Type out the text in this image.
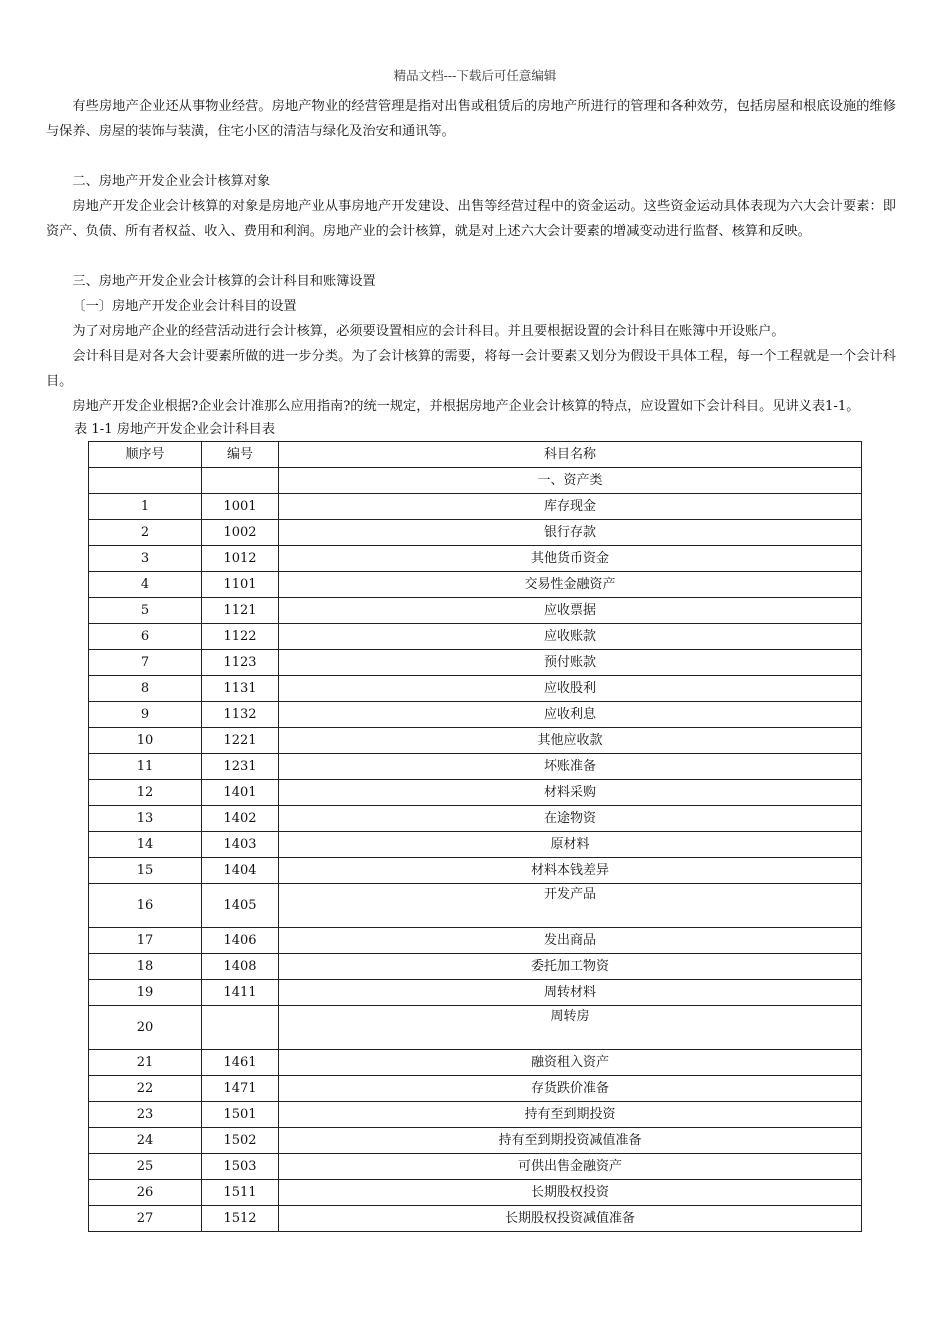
精品文档---下载后可任意编辑

有些房地产企业还从事物业经营。房地产物业的经营管理是指对出售或租赁后的房地产所进行的管理和各种效劳，包括房屋和根底设施的维修与保养、房屋的装饰与装潢，住宅小区的清洁与绿化及治安和通讯等。

二、房地产开发企业会计核算对象

房地产开发企业会计核算的对象是房地产业从事房地产开发建设、出售等经营过程中的资金运动。这些资金运动具体表现为六大会计要素：即资产、负债、所有者权益、收入、费用和利润。房地产业的会计核算，就是对上述六大会计要素的增减变动进行监督、核算和反映。

三、房地产开发企业会计核算的会计科目和账簿设置

〔一〕房地产开发企业会计科目的设置

为了对房地产企业的经营活动进行会计核算，必须要设置相应的会计科目。并且要根据设置的会计科目在账簿中开设账户。

会计科目是对各大会计要素所做的进一步分类。为了会计核算的需要，将每一会计要素又划分为假设干具体工程，每一个工程就是一个会计科目。

房地产开发企业根据?企业会计准那么应用指南?的统一规定，并根据房地产企业会计核算的特点，应设置如下会计科目。见讲义表1-1。

表 1-1 房地产开发企业会计科目表

顺序号	编号	科目名称
		一、资产类
1	1001	库存现金
2	1002	银行存款
3	1012	其他货币资金
4	1101	交易性金融资产
5	1121	应收票据
6	1122	应收账款
7	1123	预付账款
8	1131	应收股利
9	1132	应收利息
10	1221	其他应收款
11	1231	坏账准备
12	1401	材料采购
13	1402	在途物资
14	1403	原材料
15	1404	材料本钱差异
16	1405	开发产品
17	1406	发出商品
18	1408	委托加工物资
19	1411	周转材料
20		周转房
21	1461	融资租入资产
22	1471	存货跌价准备
23	1501	持有至到期投资
24	1502	持有至到期投资减值准备
25	1503	可供出售金融资产
26	1511	长期股权投资
27	1512	长期股权投资减值准备
